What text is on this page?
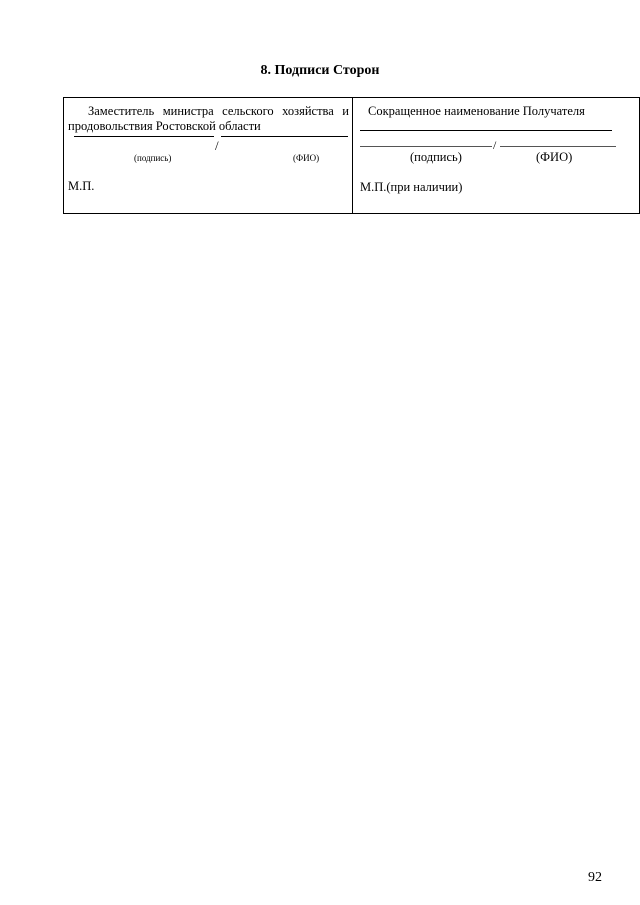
8. Подписи Сторон
Заместитель министра сельского хозяйства и продовольствия Ростовской области
/
(подпись)	(ФИО)
М.П.
Сокращенное наименование Получателя
/
(подпись)	(ФИО)
М.П.(при наличии)
92
